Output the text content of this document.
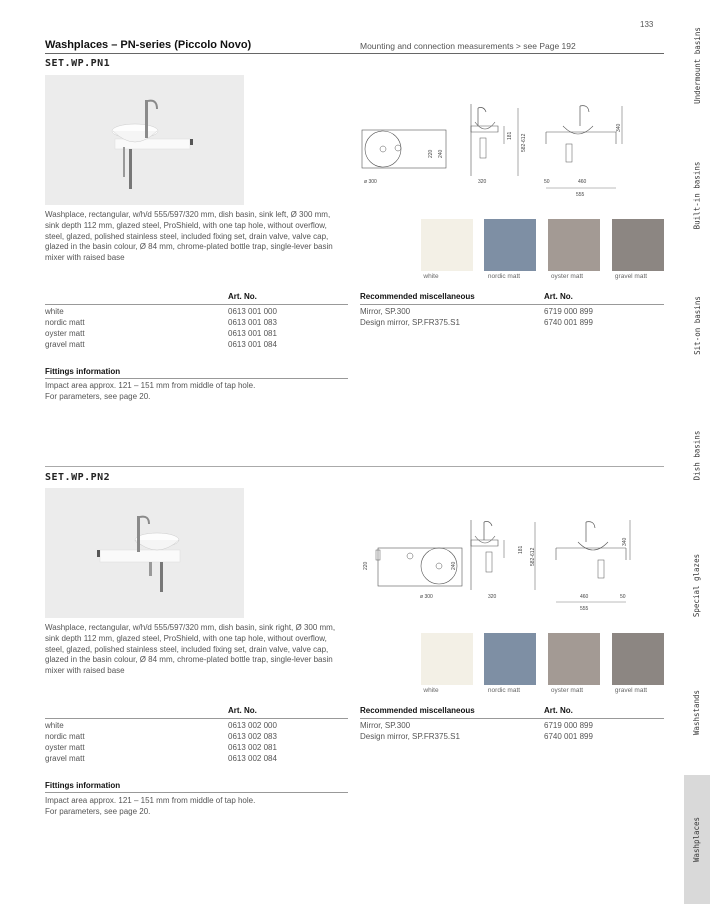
133
Washplaces – PN-series (Piccolo Novo)	Mounting and connection measurements > see Page 192
SET.WP.PN1
ø 300
220 240
181 582-612
320
340
50	460
555
Washplace, rectangular, w/h/d 555/597/320 mm, dish basin, sink left, Ø 300 mm, sink depth 112 mm, glazed steel, ProShield, with one tap hole, without overflow, steel, glazed, polished stainless steel, included fixing set, drain valve, valve cap, glazed in the basin colour, Ø 84 mm, chrome-plated bottle trap, single-lever basin mixer with raised base
white	nordic matt	oyster matt	gravel matt
Art. No.
white	0613 001 000
nordic matt	0613 001 083
oyster matt	0613 001 081
gravel matt	0613 001 084
Recommended miscellaneous	Art. No.
Mirror, SP.300	6719 000 899
Design mirror, SP.FR375.S1	6740 001 899
Fittings information
Impact area approx. 121 – 151 mm from middle of tap hole.
For parameters, see page 20.
SET.WP.PN2
220
ø 300
240
181 582-612
320
340
460	50
555
Washplace, rectangular, w/h/d 555/597/320 mm, dish basin, sink right, Ø 300 mm, sink depth 112 mm, glazed steel, ProShield, with one tap hole, without overflow, steel, glazed, polished stainless steel, included fixing set, drain valve, valve cap, glazed in the basin colour, Ø 84 mm, chrome-plated bottle trap, single-lever basin mixer with raised base
white	nordic matt	oyster matt	gravel matt
Art. No.
white	0613 002 000
nordic matt	0613 002 083
oyster matt	0613 002 081
gravel matt	0613 002 084
Recommended miscellaneous	Art. No.
Mirror, SP.300	6719 000 899
Design mirror, SP.FR375.S1	6740 001 899
Fittings information
Impact area approx. 121 – 151 mm from middle of tap hole.
For parameters, see page 20.
Undermount basins
Built-in basins
Sit-on basins
Dish basins
Special glazes
Washstands
Washplaces
